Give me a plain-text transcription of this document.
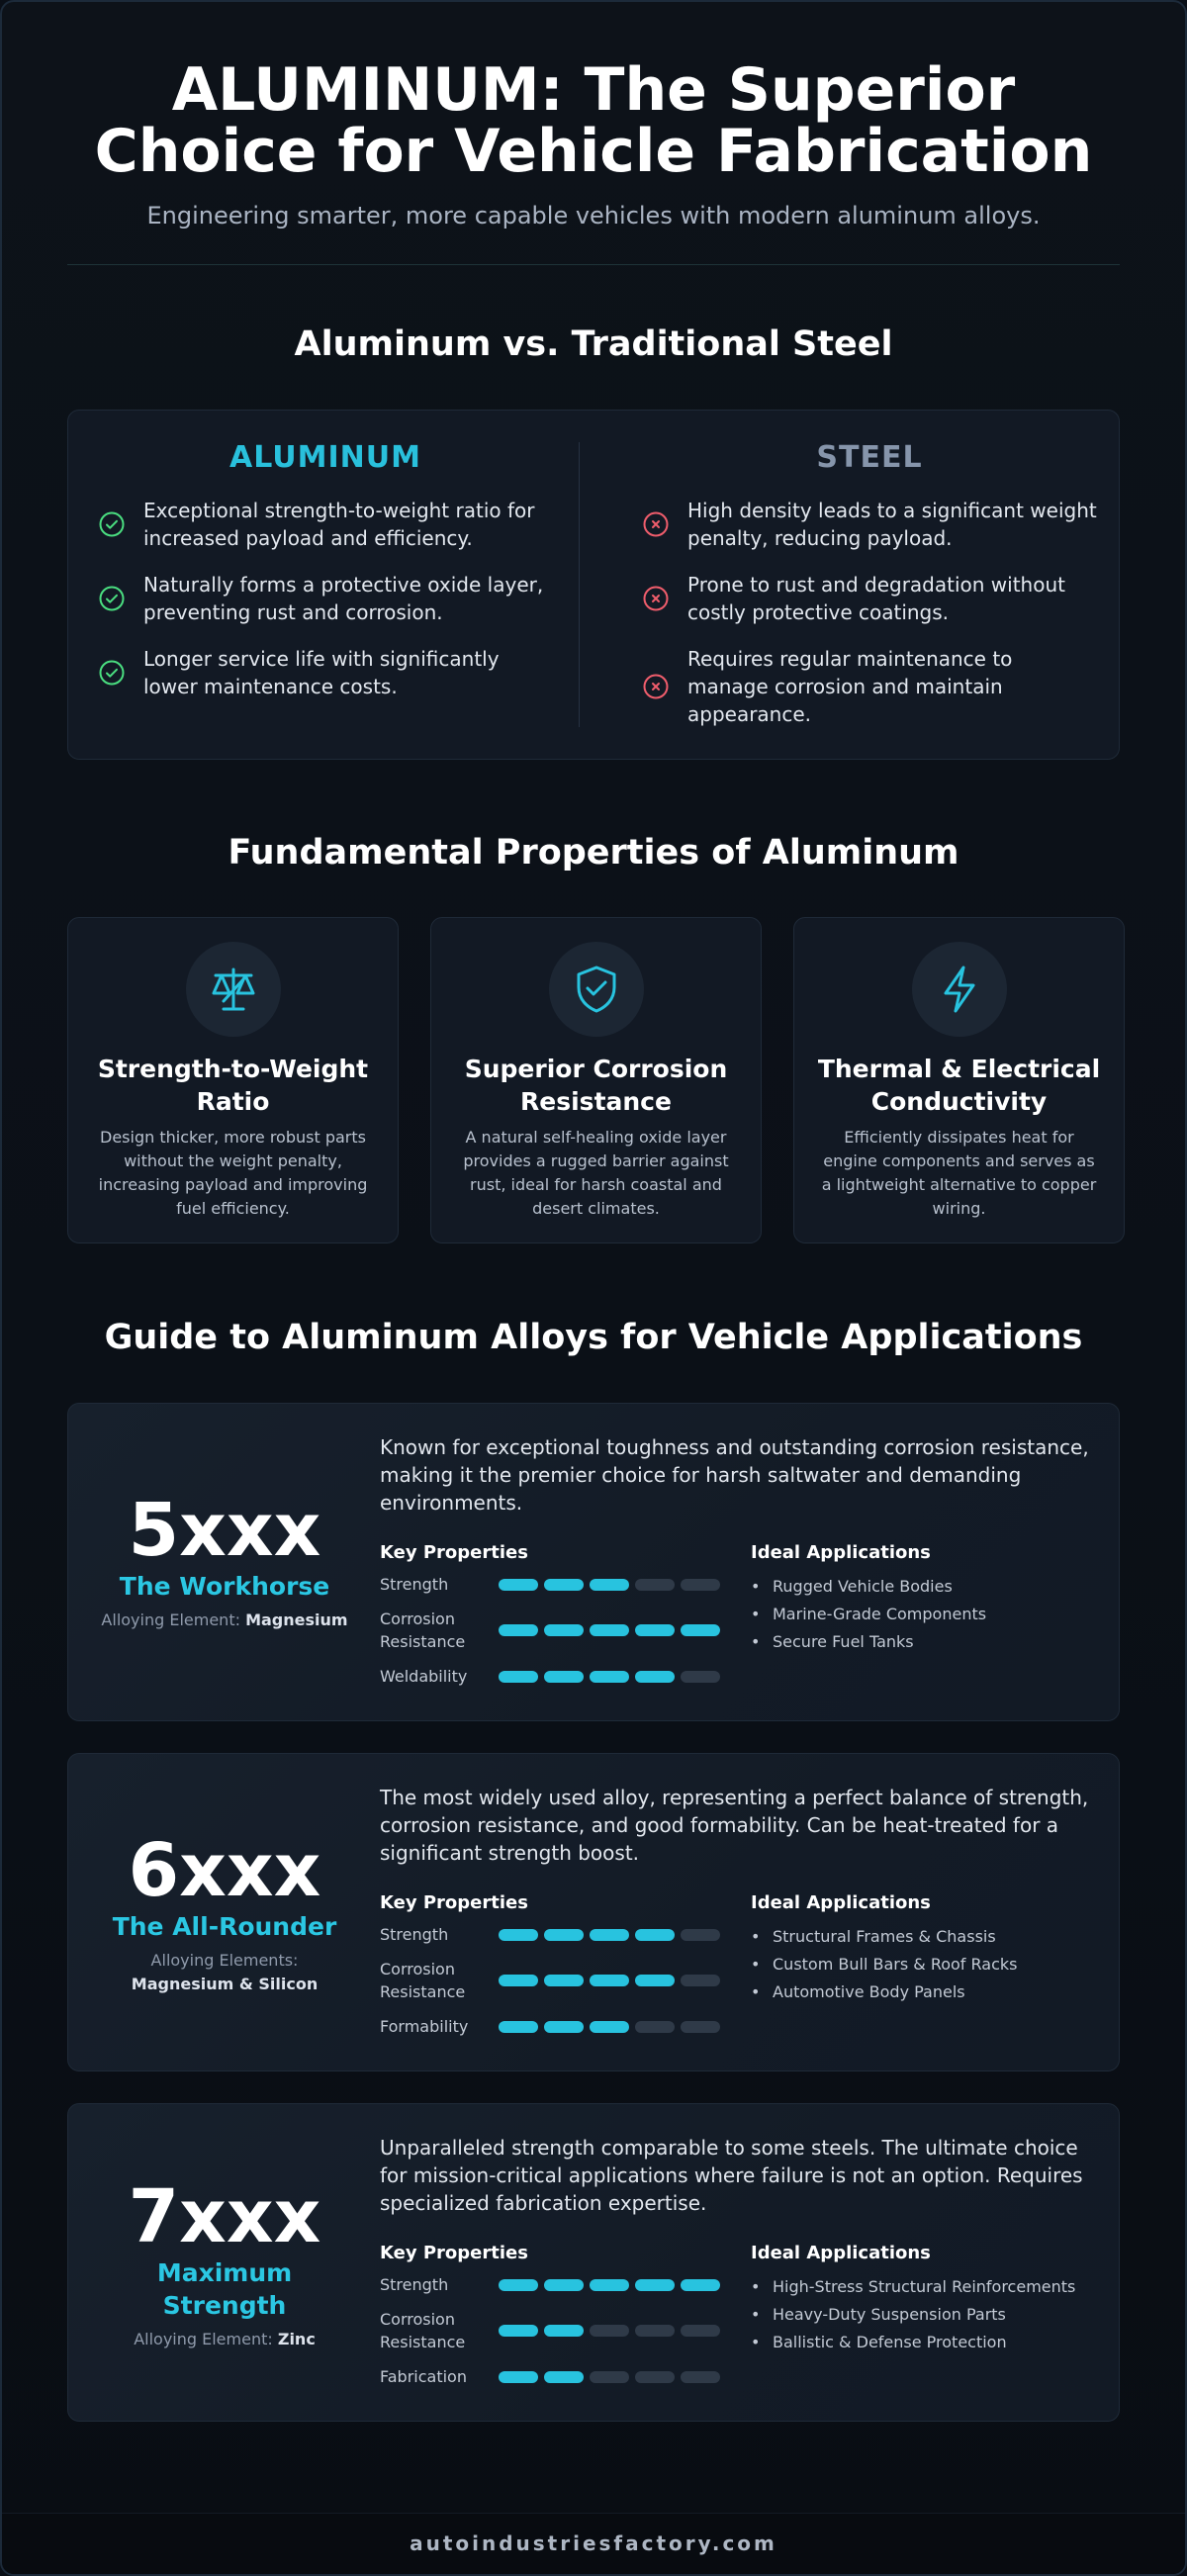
ALUMINUM: The Superior Choice for Vehicle Fabrication
Engineering smarter, more capable vehicles with modern aluminum alloys.
Aluminum vs. Traditional Steel
ALUMINUM
Exceptional strength-to-weight ratio for increased payload and efficiency.
Naturally forms a protective oxide layer, preventing rust and corrosion.
Longer service life with significantly lower maintenance costs.
STEEL
High density leads to a significant weight penalty, reducing payload.
Prone to rust and degradation without costly protective coatings.
Requires regular maintenance to manage corrosion and maintain appearance.
Fundamental Properties of Aluminum
Strength-to-Weight Ratio

Design thicker, more robust parts without the weight penalty, increasing payload and improving fuel efficiency.

Superior Corrosion Resistance

A natural self-healing oxide layer provides a rugged barrier against rust, ideal for harsh coastal and desert climates.

Thermal & Electrical Conductivity

Efficiently dissipates heat for engine components and serves as a lightweight alternative to copper wiring.

Guide to Aluminum Alloys for Vehicle Applications
5xxx
The Workhorse
Alloying Element: Magnesium
Known for exceptional toughness and outstanding corrosion resistance, making it the premier choice for harsh saltwater and demanding environments.
Key Properties
Strength
Corrosion Resistance
Weldability
Ideal Applications
• Rugged Vehicle Bodies
• Marine-Grade Components
• Secure Fuel Tanks
6xxx
The All-Rounder
Alloying Elements:
Magnesium & Silicon
The most widely used alloy, representing a perfect balance of strength, corrosion resistance, and good formability. Can be heat-treated for a significant strength boost.
Key Properties
Strength
Corrosion Resistance
Formability
Ideal Applications
• Structural Frames & Chassis
• Custom Bull Bars & Roof Racks
• Automotive Body Panels
7xxx
Maximum Strength
Alloying Element: Zinc
Unparalleled strength comparable to some steels. The ultimate choice for mission-critical applications where failure is not an option. Requires specialized fabrication expertise.
Key Properties
Strength
Corrosion Resistance
Fabrication
Ideal Applications
• High-Stress Structural Reinforcements
• Heavy-Duty Suspension Parts
• Ballistic & Defense Protection
autoindustriesfactory.com
